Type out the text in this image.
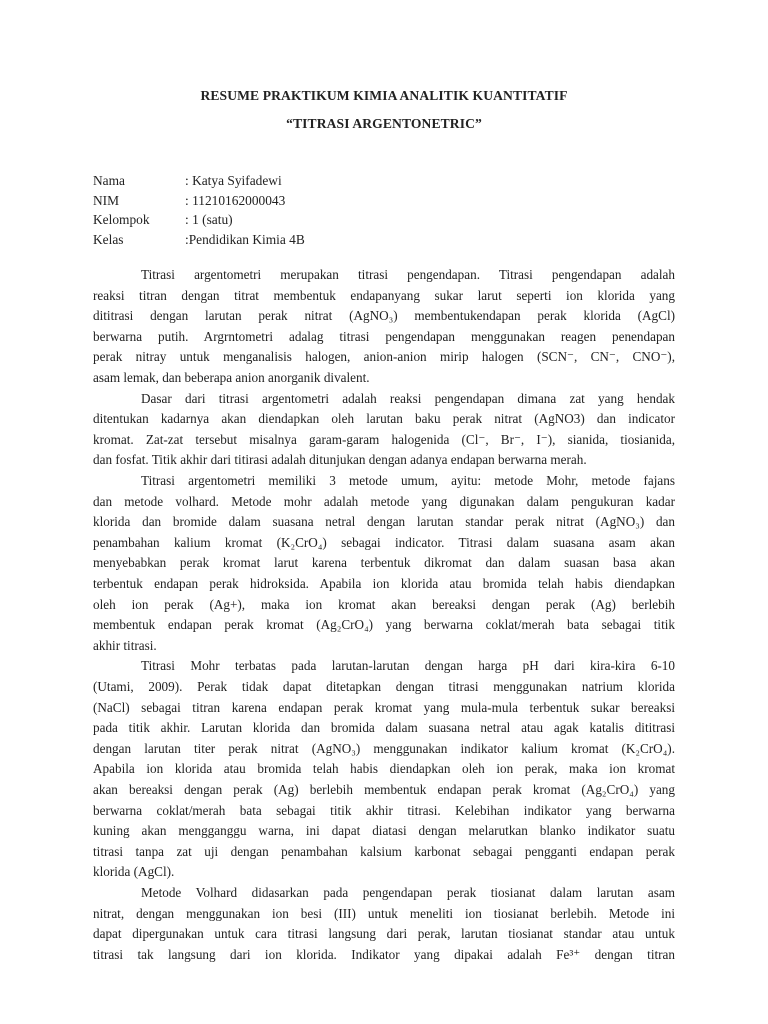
RESUME PRAKTIKUM KIMIA ANALITIK KUANTITATIF
“TITRASI ARGENTONETRIC”
Nama	: Katya Syifadewi
NIM	: 11210162000043
Kelompok	: 1 (satu)
Kelas	:Pendidikan Kimia 4B
Titrasi argentometri merupakan titrasi pengendapan. Titrasi pengendapan adalah
reaksi titran dengan titrat membentuk endapanyang sukar larut seperti ion klorida yang
dititrasi dengan larutan perak nitrat (AgNO₃) membentukendapan perak klorida (AgCl)
berwarna putih. Argrntometri adalag titrasi pengendapan menggunakan reagen penendapan
perak nitray untuk menganalisis halogen, anion-anion mirip halogen (SCN⁻, CN⁻, CNO⁻),
asam lemak, dan beberapa anion anorganik divalent.
Dasar dari titrasi argentometri adalah reaksi pengendapan dimana zat yang hendak
ditentukan kadarnya akan diendapkan oleh larutan baku perak nitrat (AgNO3) dan indicator
kromat. Zat-zat tersebut misalnya garam-garam halogenida (Cl⁻, Br⁻, I⁻), sianida, tiosianida,
dan fosfat. Titik akhir dari titirasi adalah ditunjukan dengan adanya endapan berwarna merah.
Titrasi argentometri memiliki 3 metode umum, ayitu: metode Mohr, metode fajans
dan metode volhard. Metode mohr adalah metode yang digunakan dalam pengukuran kadar
klorida dan bromide dalam suasana netral dengan larutan standar perak nitrat (AgNO₃) dan
penambahan kalium kromat (K₂CrO₄) sebagai indicator. Titrasi dalam suasana asam akan
menyebabkan perak kromat larut karena terbentuk dikromat dan dalam suasan basa akan
terbentuk endapan perak hidroksida. Apabila ion klorida atau bromida telah habis diendapkan
oleh ion perak (Ag+), maka ion kromat akan bereaksi dengan perak (Ag) berlebih
membentuk endapan perak kromat (Ag₂CrO₄) yang berwarna coklat/merah bata sebagai titik
akhir titrasi.
Titrasi Mohr terbatas pada larutan-larutan dengan harga pH dari kira-kira 6-10
(Utami, 2009). Perak tidak dapat ditetapkan dengan titrasi menggunakan natrium klorida
(NaCl) sebagai titran karena endapan perak kromat yang mula-mula terbentuk sukar bereaksi
pada titik akhir. Larutan klorida dan bromida dalam suasana netral atau agak katalis dititrasi
dengan larutan titer perak nitrat (AgNO₃) menggunakan indikator kalium kromat (K₂CrO₄).
Apabila ion klorida atau bromida telah habis diendapkan oleh ion perak, maka ion kromat
akan bereaksi dengan perak (Ag) berlebih membentuk endapan perak kromat (Ag₂CrO₄) yang
berwarna coklat/merah bata sebagai titik akhir titrasi. Kelebihan indikator yang berwarna
kuning akan mengganggu warna, ini dapat diatasi dengan melarutkan blanko indikator suatu
titrasi tanpa zat uji dengan penambahan kalsium karbonat sebagai pengganti endapan perak
klorida (AgCl).
Metode Volhard didasarkan pada pengendapan perak tiosianat dalam larutan asam
nitrat, dengan menggunakan ion besi (III) untuk meneliti ion tiosianat berlebih. Metode ini
dapat dipergunakan untuk cara titrasi langsung dari perak, larutan tiosianat standar atau untuk
titrasi tak langsung dari ion klorida. Indikator yang dipakai adalah Fe³⁺ dengan titran
